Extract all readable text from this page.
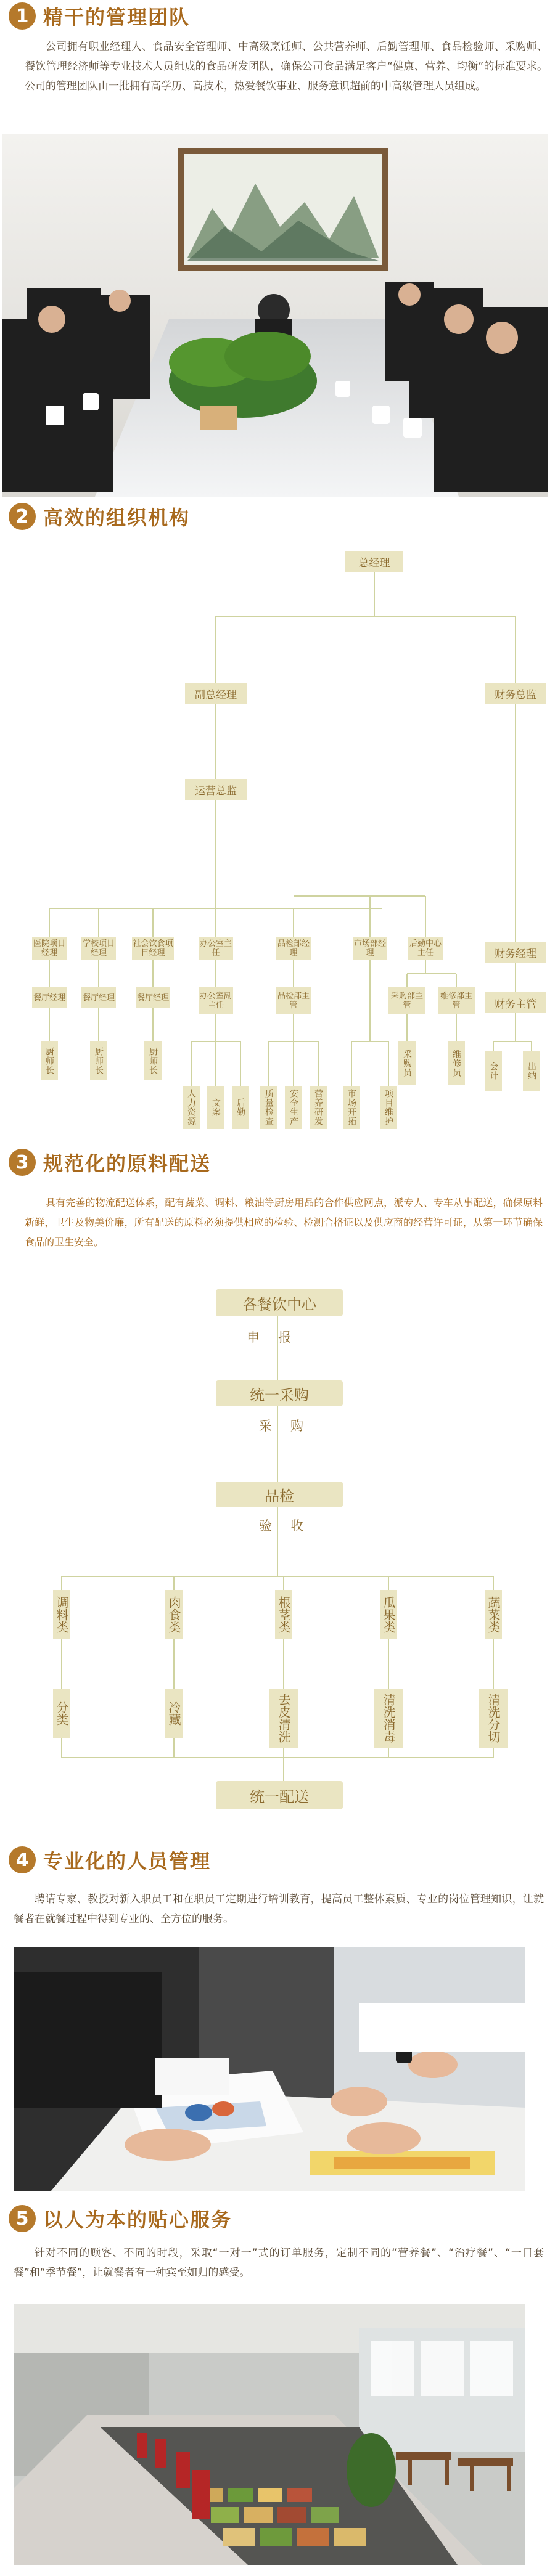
1 精干的管理团队
公司拥有职业经理人、食品安全管理师、中高级烹饪师、公共营养师、后勤管理师、食品检验师、采购师、餐饮管理经济师等专业技术人员组成的食品研发团队，确保公司食品满足客户“健康、营养、均衡”的标准要求。公司的管理团队由一批拥有高学历、高技术，热爱餐饮事业、服务意识超前的中高级管理人员组成。
2 高效的组织机构
总经理
副总经理	财务总监
运营总监
财务经理
财务主管
会计	出纳
医院项目经理
学校项目经理
社会饮食项目经理
餐厅经理 餐厅经理	餐厅经理
厨师长	厨师长	厨师长
办公室主任
办公室副主任
人力资源	文案	后勤
品检部经理
品检部主管
质量检查	安全生产	营养研发
市场部经理
市场开拓	项目维护
后勤中心主任
采购部主管
维修部主管
采购员	维修员
3 规范化的原料配送
具有完善的物流配送体系，配有蔬菜、调料、粮油等厨房用品的合作供应网点，派专人、专车从事配送，确保原料新鲜，卫生及物美价廉，所有配送的原料必须提供相应的检验、检测合格证以及供应商的经营许可证，从第一环节确保食品的卫生安全。
各餐饮中心
申报
统一采购
采购
品检
验收
调料类	肉食类	根茎类	瓜果类	蔬菜类
分类	冷藏	去皮清洗	清洗消毒	清洗分切
统一配送
4 专业化的人员管理
聘请专家、教授对新入职员工和在职员工定期进行培训教育，提高员工整体素质、专业的岗位管理知识，让就餐者在就餐过程中得到专业的、全方位的服务。
5 以人为本的贴心服务
针对不同的顾客、不同的时段，采取“一对一”式的订单服务，定制不同的“营养餐”、“治疗餐”、“一日套餐”和“季节餐”，让就餐者有一种宾至如归的感受。
